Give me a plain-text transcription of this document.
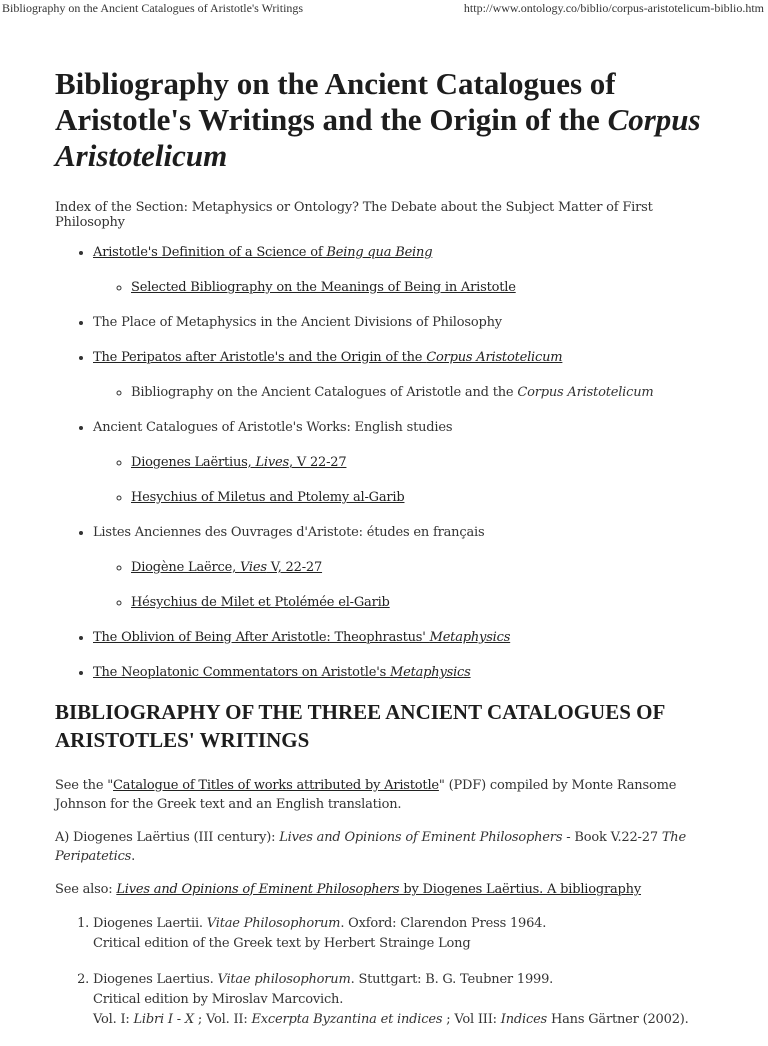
Bibliography on the Ancient Catalogues of Aristotle's Writings	http://www.ontology.co/biblio/corpus-aristotelicum-biblio.htm
Bibliography on the Ancient Catalogues of Aristotle's Writings and the Origin of the Corpus Aristotelicum

Index of the Section: Metaphysics or Ontology? The Debate about the Subject Matter of First Philosophy

• Aristotle's Definition of a Science of Being qua Being
◦ Selected Bibliography on the Meanings of Being in Aristotle
• The Place of Metaphysics in the Ancient Divisions of Philosophy
• The Peripatos after Aristotle's and the Origin of the Corpus Aristotelicum
◦ Bibliography on the Ancient Catalogues of Aristotle and the Corpus Aristotelicum
• Ancient Catalogues of Aristotle's Works: English studies
◦ Diogenes Laërtius, Lives, V 22-27
◦ Hesychius of Miletus and Ptolemy al-Garib
• Listes Anciennes des Ouvrages d'Aristote: études en français
◦ Diogène Laërce, Vies V, 22-27
◦ Hésychius de Milet et Ptolémée el-Garib
• The Oblivion of Being After Aristotle: Theophrastus' Metaphysics
• The Neoplatonic Commentators on Aristotle's Metaphysics
BIBLIOGRAPHY OF THE THREE ANCIENT CATALOGUES OF ARISTOTLES' WRITINGS

See the "Catalogue of Titles of works attributed by Aristotle" (PDF) compiled by Monte Ransome Johnson for the Greek text and an English translation.

A) Diogenes Laërtius (III century): Lives and Opinions of Eminent Philosophers - Book V.22-27 The Peripatetics.

See also: Lives and Opinions of Eminent Philosophers by Diogenes Laërtius. A bibliography

1. Diogenes Laertii. Vitae Philosophorum. Oxford: Clarendon Press 1964.
Critical edition of the Greek text by Herbert Strainge Long
2. Diogenes Laertius. Vitae philosophorum. Stuttgart: B. G. Teubner 1999.
Critical edition by Miroslav Marcovich.
Vol. I: Libri I - X ; Vol. II: Excerpta Byzantina et indices ; Vol III: Indices Hans Gärtner (2002).
